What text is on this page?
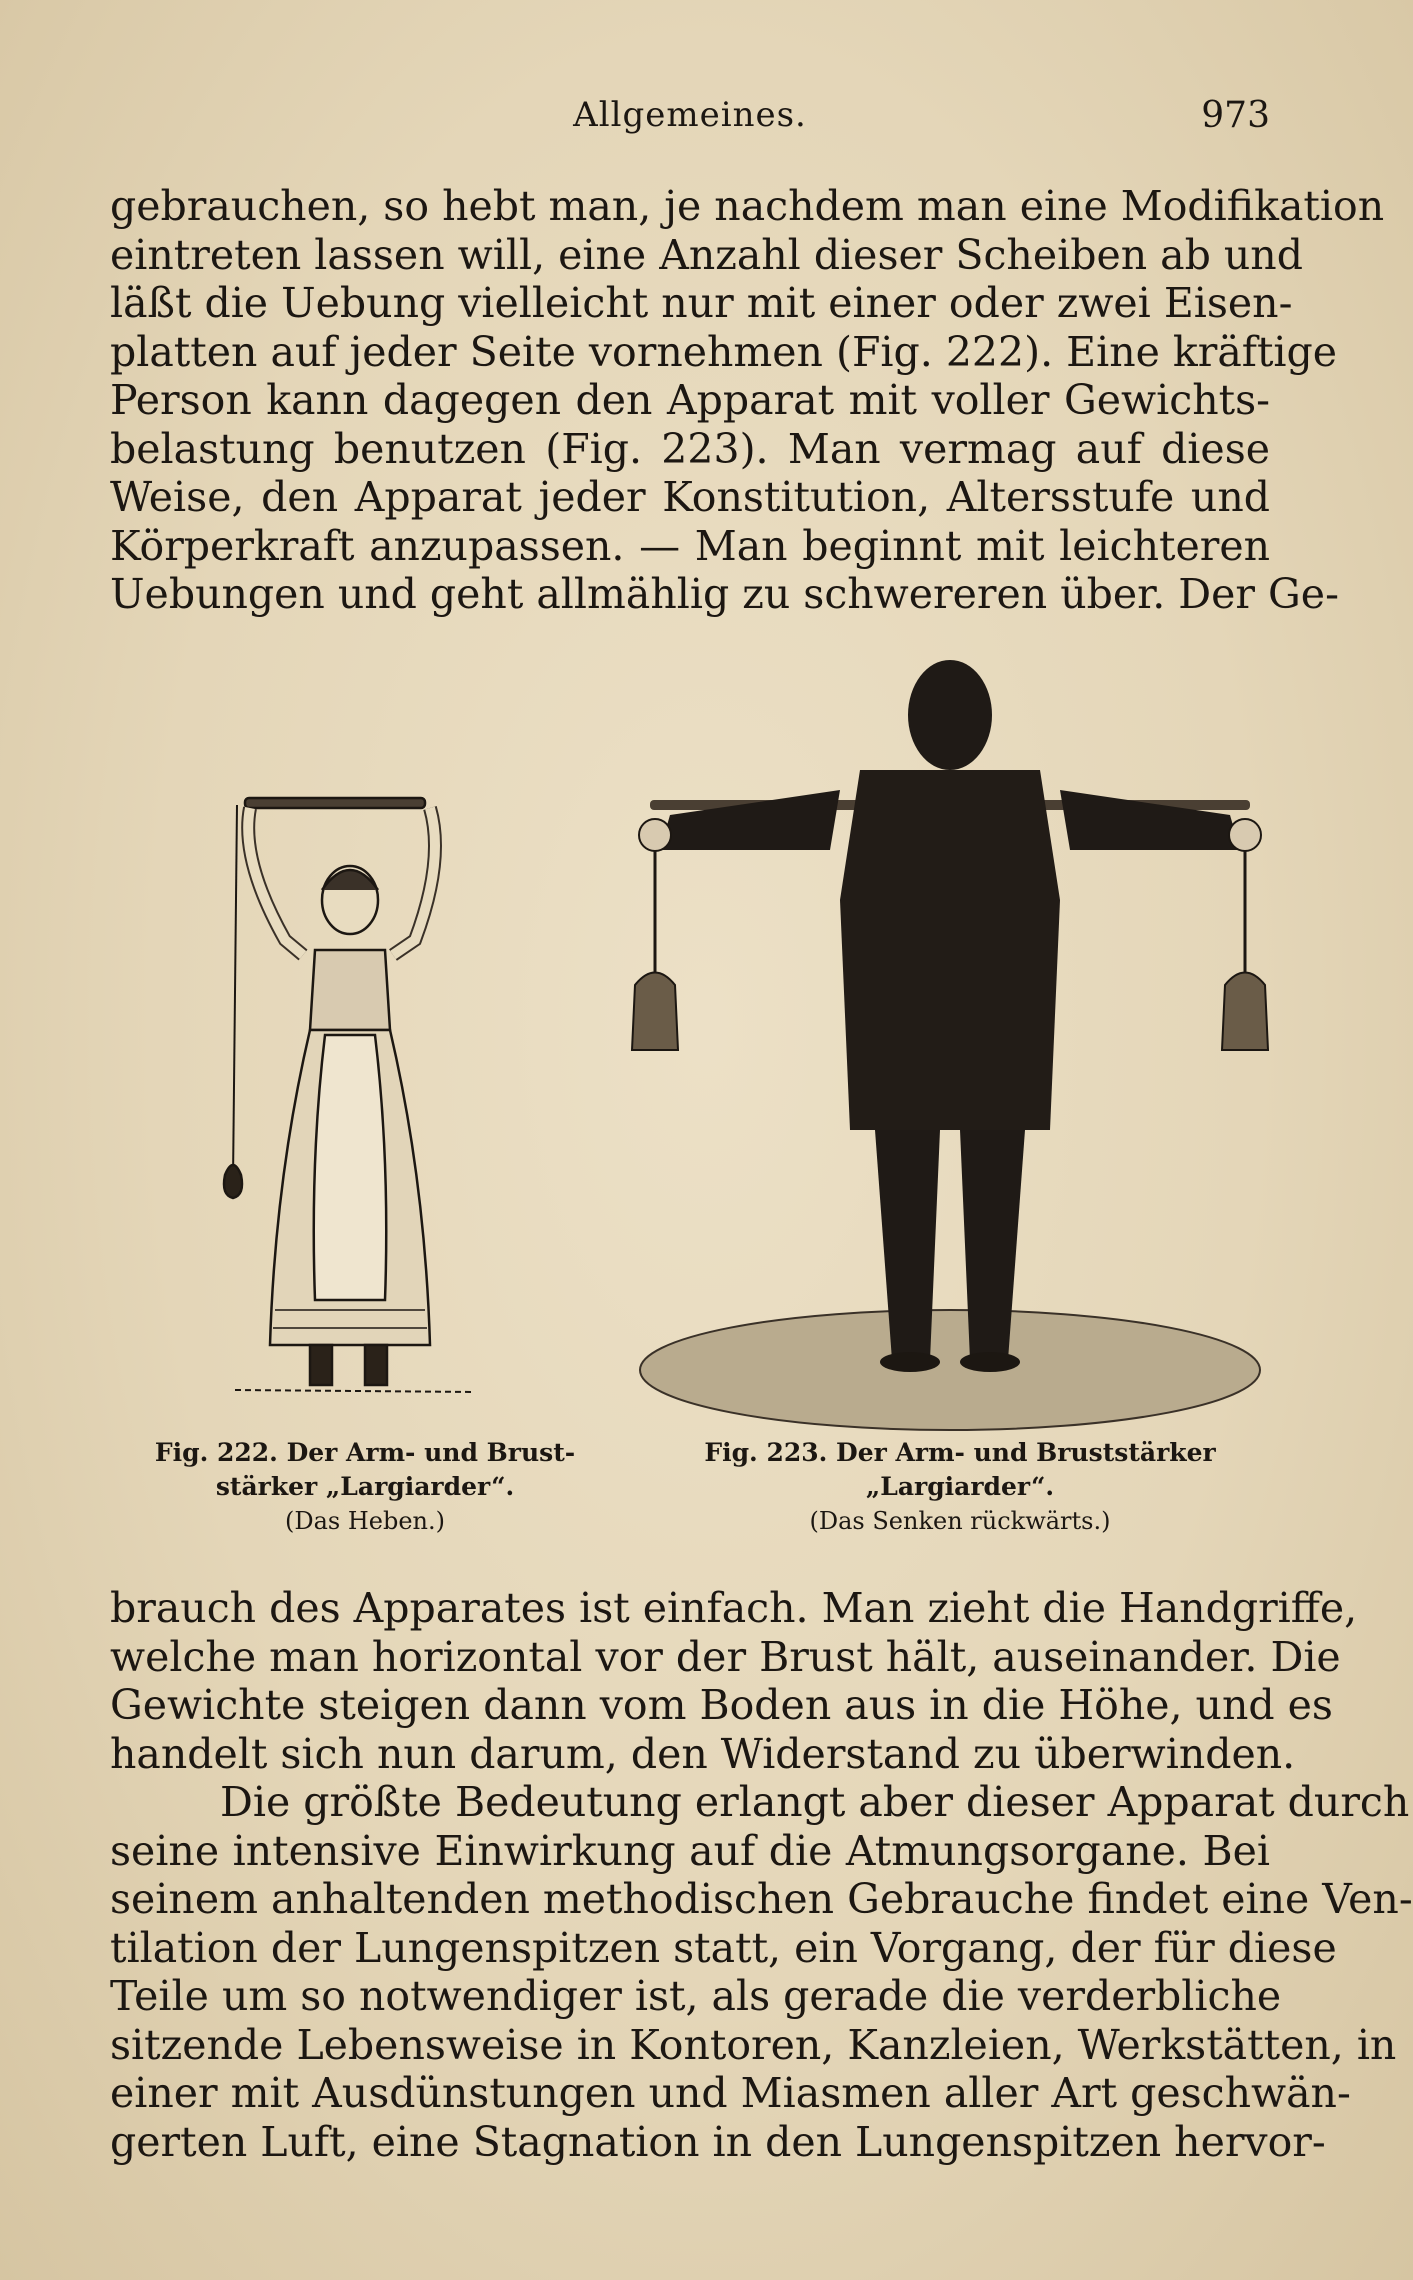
Allgemeines.	973
gebrauchen, so hebt man, je nachdem man eine Modifikation
eintreten lassen will, eine Anzahl dieser Scheiben ab und
läßt die Uebung vielleicht nur mit einer oder zwei Eisen-
platten auf jeder Seite vornehmen (Fig. 222). Eine kräftige
Person kann dagegen den Apparat mit voller Gewichts-
belastung benutzen (Fig. 223). Man vermag auf diese
Weise, den Apparat jeder Konstitution, Altersstufe und
Körperkraft anzupassen. — Man beginnt mit leichteren
Uebungen und geht allmählig zu schwereren über. Der Ge-
Fig. 222. Der Arm- und Brust-
stärker „Largiarder“.
(Das Heben.)
Fig. 223. Der Arm- und Bruststärker
„Largiarder“.
(Das Senken rückwärts.)
brauch des Apparates ist einfach. Man zieht die Handgriffe,
welche man horizontal vor der Brust hält, auseinander. Die
Gewichte steigen dann vom Boden aus in die Höhe, und es
handelt sich nun darum, den Widerstand zu überwinden.
Die größte Bedeutung erlangt aber dieser Apparat durch
seine intensive Einwirkung auf die Atmungsorgane. Bei
seinem anhaltenden methodischen Gebrauche findet eine Ven-
tilation der Lungenspitzen statt, ein Vorgang, der für diese
Teile um so notwendiger ist, als gerade die verderbliche
sitzende Lebensweise in Kontoren, Kanzleien, Werkstätten, in
einer mit Ausdünstungen und Miasmen aller Art geschwän-
gerten Luft, eine Stagnation in den Lungenspitzen hervor-
